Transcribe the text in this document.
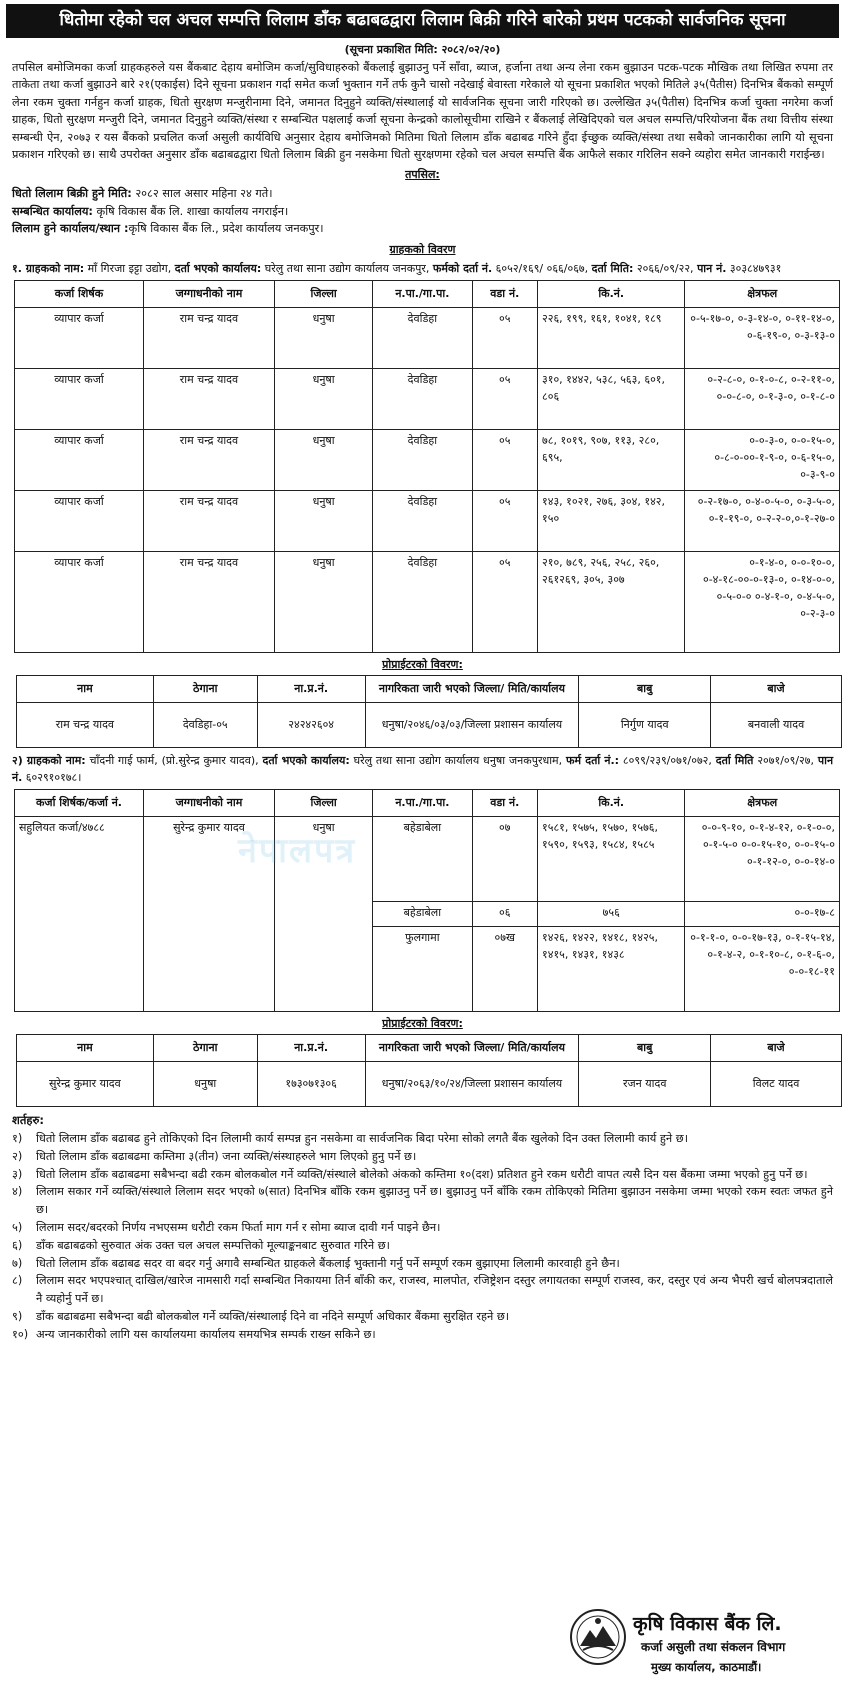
धितोमा रहेको चल अचल सम्पत्ति लिलाम डाँक बढाबढद्वारा लिलाम बिक्री गरिने बारेको प्रथम पटकको सार्वजनिक सूचना
(सूचना प्रकाशित मिति: २०८२/०२/२०)
तपसिल बमोजिमका कर्जा ग्राहकहरुले यस बैंकबाट देहाय बमोजिम कर्जा/सुविधाहरुको बैंकलाई बुझाउनु पर्ने साँवा, ब्याज, हर्जाना तथा अन्य लेना रकम बुझाउन पटक-पटक मौखिक तथा लिखित रुपमा तर ताकेता तथा कर्जा बुझाउने बारे २१(एकाईस) दिने सूचना प्रकाशन गर्दा समेत कर्जा भुक्तान गर्ने तर्फ कुनै चासो नदेखाई बेवास्ता गरेकाले यो सूचना प्रकाशित भएको मितिले ३५(पैतीस) दिनभित्र बैंकको सम्पूर्ण लेना रकम चुक्ता गर्नहुन कर्जा ग्राहक, धितो सुरक्षण मन्जुरीनामा दिने, जमानत दिनुहुने व्यक्ति/संस्थालाई यो सार्वजनिक सूचना जारी गरिएको छ। उल्लेखित ३५(पैतीस) दिनभित्र कर्जा चुक्ता नगरेमा कर्जा ग्राहक, धितो सुरक्षण मन्जुरी दिने, जमानत दिनुहुने व्यक्ति/संस्था र सम्बन्धित पक्षलाई कर्जा सूचना केन्द्रको कालोसूचीमा राखिने र बैंकलाई लेखिदिएको चल अचल सम्पत्ति/परियोजना बैंक तथा वित्तीय संस्था सम्बन्धी ऐन, २०७३ र यस बैंकको प्रचलित कर्जा असुली कार्यविधि अनुसार देहाय बमोजिमको मितिमा धितो लिलाम डाँक बढाबढ गरिने हुँदा ईच्छुक व्यक्ति/संस्था तथा सबैको जानकारीका लागि यो सूचना प्रकाशन गरिएको छ। साथै उपरोक्त अनुसार डाँक बढाबढद्वारा धितो लिलाम बिक्री हुन नसकेमा धितो सुरक्षणमा रहेको चल अचल सम्पत्ति बैंक आफैले सकार गरिलिन सक्ने व्यहोरा समेत जानकारी गराईन्छ।
तपसिल:
धितो लिलाम बिक्री हुने मिति: २०८२ साल असार महिना २४ गते।
सम्बन्धित कार्यालय: कृषि विकास बैंक लि. शाखा कार्यालय नगराईन।
लिलाम हुने कार्यालय/स्थान :कृषि विकास बैंक लि., प्रदेश कार्यालय जनकपुर।
ग्राहकको विवरण
१. ग्राहकको नाम: माँ गिरजा इट्टा उद्योग, दर्ता भएको कार्यालय: घरेलु तथा साना उद्योग कार्यालय जनकपुर, फर्मको दर्ता नं. ६०५२/१६९/ ०६६/०६७, दर्ता मिति: २०६६/०९/२२, पान नं. ३०३८४७९३१
कर्जा शिर्षक	जग्गाधनीको नाम	जिल्ला	न.पा./गा.पा.	वडा नं.	कि.नं.	क्षेत्रफल
व्यापार कर्जा	राम चन्द्र यादव	धनुषा	देवडिहा	०५	२२६, १९९, १६१, १०४१, १८९	०-५-१७-०, ०-३-१४-०, ०-११-१४-०, ०-६-१९-०, ०-३-१३-०
व्यापार कर्जा	राम चन्द्र यादव	धनुषा	देवडिहा	०५	३१०, १४४२, ५३८, ५६३, ६०१, ८०६	०-२-८-०, ०-१-०-८, ०-२-११-०, ०-०-८-०, ०-१-३-०, ०-१-८-०
व्यापार कर्जा	राम चन्द्र यादव	धनुषा	देवडिहा	०५	७८, १०१९, ९०७, ११३, २८०, ६९५,	०-०-३-०, ०-०-१५-०, ०-८-०-००-१-९-०, ०-६-१५-०, ०-३-९-०
व्यापार कर्जा	राम चन्द्र यादव	धनुषा	देवडिहा	०५	१४३, १०२१, २७६, ३०४, १४२, १५०	०-२-१७-०, ०-४-०-५-०, ०-३-५-०, ०-१-१९-०, ०-२-२-०,०-१-२७-०
व्यापार कर्जा	राम चन्द्र यादव	धनुषा	देवडिहा	०५	२१०, ७८९, २५६, २५८, २६०, २६१२६९, ३०५, ३०७	०-१-४-०, ०-०-१०-०, ०-४-१८-००-०-१३-०, ०-१४-०-०, ०-५-०-० ०-४-१-०, ०-४-५-०, ०-२-३-०
प्रोप्राईटरको विवरण:
नाम	ठेगाना	ना.प्र.नं.	नागरिकता जारी भएको जिल्ला/ मिति/कार्यालय	बाबु	बाजे
राम चन्द्र यादव	देवडिहा-०५	२४२४२६०४	धनुषा/२०४६/०३/०३/जिल्ला प्रशासन कार्यालय	निर्गुण यादव	बनवाली यादव
२) ग्राहकको नाम: चाँदनी गाई फार्म, (प्रो.सुरेन्द्र कुमार यादव), दर्ता भएको कार्यालय: घरेलु तथा साना उद्योग कार्यालय धनुषा जनकपुरधाम, फर्म दर्ता नं.: ८०९९/२३९/०७१/०७२, दर्ता मिति २०७१/०९/२७, पान नं. ६०२९१०१७८।
कर्जा शिर्षक/कर्जा नं.	जग्गाधनीको नाम	जिल्ला	न.पा./गा.पा.	वडा नं.	कि.नं.	क्षेत्रफल
सहुलियत कर्जा/४७८८	सुरेन्द्र कुमार यादव	धनुषा	बहेडाबेला	०७	१५८१, १५७५, १५७०, १५७६, १५९०, १५९३, १५८४, १५८५	०-०-९-१०, ०-१-४-१२, ०-१-०-०, ०-१-५-० ०-०-१५-१०, ०-०-१५-० ०-१-१२-०, ०-०-१४-०
			बहेडाबेला	०६	७५६	०-०-१७-८
			फुलगामा	०७ख	१४२६, १४२२, १४१८, १४२५, १४१५, १४३१, १४३८	०-१-१-०, ०-०-१७-१३, ०-१-१५-१४, ०-१-४-२, ०-१-१०-८, ०-१-६-०, ०-०-१८-११
प्रोप्राईटरको विवरण:
नाम	ठेगाना	ना.प्र.नं.	नागरिकता जारी भएको जिल्ला/ मिति/कार्यालय	बाबु	बाजे
सुरेन्द्र कुमार यादव	धनुषा	१७३०७१३०६	धनुषा/२०६३/१०/२४/जिल्ला प्रशासन कार्यालय	रजन यादव	विलट यादव
शर्तहरु:
१)	धितो लिलाम डाँक बढाबढ हुने तोकिएको दिन लिलामी कार्य सम्पन्न हुन नसकेमा वा सार्वजनिक बिदा परेमा सोको लगतै बैंक खुलेको दिन उक्त लिलामी कार्य हुने छ।
२)	धितो लिलाम डाँक बढाबढमा कम्तिमा ३(तीन) जना व्यक्ति/संस्थाहरुले भाग लिएको हुनु पर्ने छ।
३)	धितो लिलाम डाँक बढाबढमा सबैभन्दा बढी रकम बोलकबोल गर्ने व्यक्ति/संस्थाले बोलेको अंकको कम्तिमा १०(दश) प्रतिशत हुने रकम धरौटी वापत त्यसै दिन यस बैंकमा जम्मा भएको हुनु पर्ने छ।
४)	लिलाम सकार गर्ने व्यक्ति/संस्थाले लिलाम सदर भएको ७(सात) दिनभित्र बाँकि रकम बुझाउनु पर्ने छ। बुझाउनु पर्ने बाँकि रकम तोकिएको मितिमा बुझाउन नसकेमा जम्मा भएको रकम स्वतः जफत हुने छ।
५)	लिलाम सदर/बदरको निर्णय नभएसम्म धरौटी रकम फिर्ता माग गर्न र सोमा ब्याज दावी गर्न पाइने छैन।
६)	डाँक बढाबढको सुरुवात अंक उक्त चल अचल सम्पत्तिको मूल्याङ्कनबाट सुरुवात गरिने छ।
७)	धितो लिलाम डाँक बढाबढ सदर वा बदर गर्नु अगावै सम्बन्धित ग्राहकले बैंकलाई भुक्तानी गर्नु पर्ने सम्पूर्ण रकम बुझाएमा लिलामी कारवाही हुने छैन।
८)	लिलाम सदर भएपश्चात् दाखिल/खारेज नामसारी गर्दा सम्बन्धित निकायमा तिर्न बाँकी कर, राजस्व, मालपोत, रजिष्ट्रेशन दस्तुर लगायतका सम्पूर्ण राजस्व, कर, दस्तुर एवं अन्य भैपरी खर्च बोलपत्रदाताले नै व्यहोर्नु पर्ने छ।
९)	डाँक बढाबढमा सबैभन्दा बढी बोलकबोल गर्ने व्यक्ति/संस्थालाई दिने वा नदिने सम्पूर्ण अधिकार बैंकमा सुरक्षित रहने छ।
१०) अन्य जानकारीको लागि यस कार्यालयमा कार्यालय समयभित्र सम्पर्क राख्न सकिने छ।
नेपालपत्र
कृषि विकास बैंक लि.
कर्जा असुली तथा संकलन विभाग
मुख्य कार्यालय, काठमाडौं।
